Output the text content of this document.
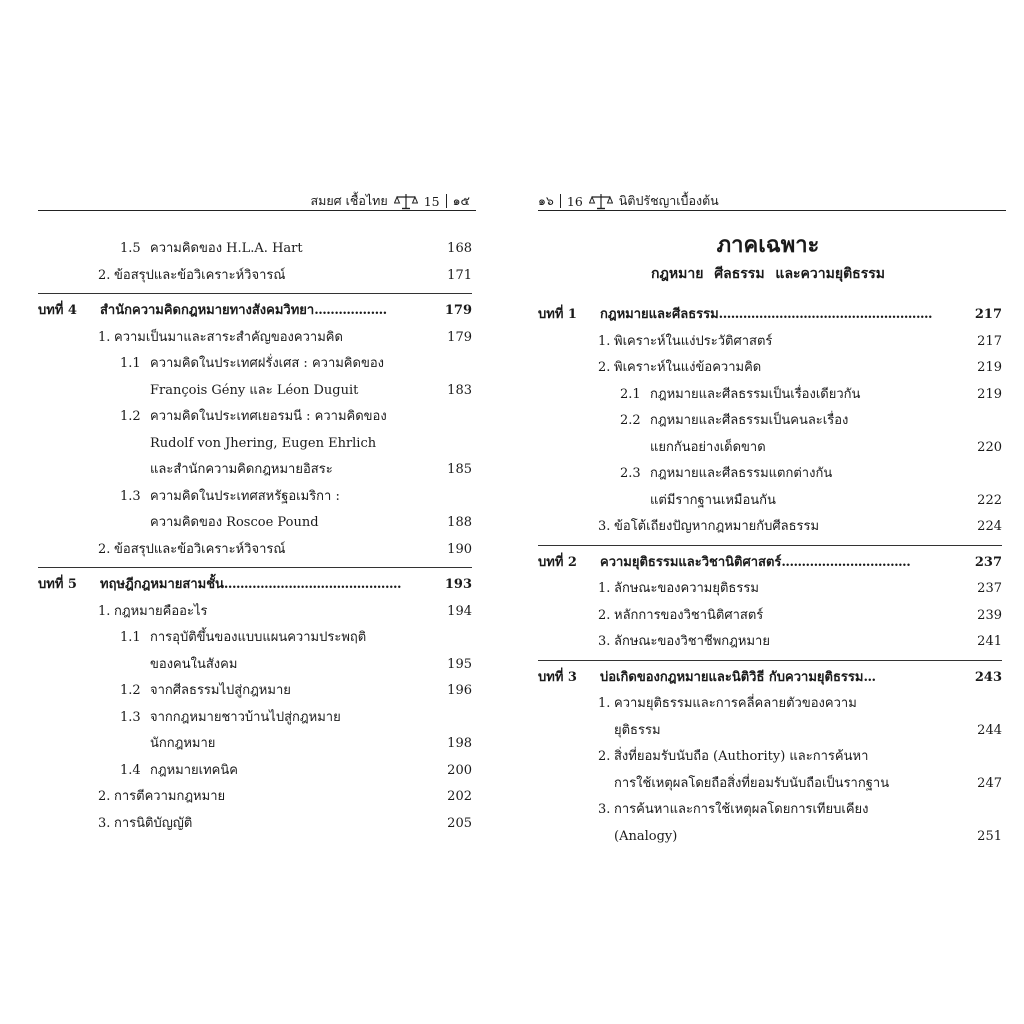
สมยศ เชื้อไทย	15 ๑๕
1.5 ความคิดของ H.L.A. Hart	168
2. ข้อสรุปและข้อวิเคราะห์วิจารณ์	171
บทที่ 4 สำนักความคิดกฎหมายทางสังคมวิทยา..................	179
1. ความเป็นมาและสาระสำคัญของความคิด	179
1.1 ความคิดในประเทศฝรั่งเศส : ความคิดของ
François Gény และ Léon Duguit	183
1.2 ความคิดในประเทศเยอรมนี : ความคิดของ
Rudolf von Jhering, Eugen Ehrlich
และสำนักความคิดกฎหมายอิสระ	185
1.3 ความคิดในประเทศสหรัฐอเมริกา :
ความคิดของ Roscoe Pound	188
2. ข้อสรุปและข้อวิเคราะห์วิจารณ์	190
บทที่ 5 ทฤษฎีกฎหมายสามชั้น............................................	193
1. กฎหมายคืออะไร	194
1.1 การอุบัติขึ้นของแบบแผนความประพฤติ
ของคนในสังคม	195
1.2 จากศีลธรรมไปสู่กฎหมาย	196
1.3 จากกฎหมายชาวบ้านไปสู่กฎหมาย
นักกฎหมาย	198
1.4 กฎหมายเทคนิค	200
2. การตีความกฎหมาย	202
3. การนิติบัญญัติ	205
๑๖ 16	นิติปรัชญาเบื้องต้น
ภาคเฉพาะ
กฎหมาย ศีลธรรม และความยุติธรรม
บทที่ 1 กฎหมายและศีลธรรม.....................................................	217
1. พิเคราะห์ในแง่ประวัติศาสตร์	217
2. พิเคราะห์ในแง่ข้อความคิด	219
2.1 กฎหมายและศีลธรรมเป็นเรื่องเดียวกัน	219
2.2 กฎหมายและศีลธรรมเป็นคนละเรื่อง
แยกกันอย่างเด็ดขาด	220
2.3 กฎหมายและศีลธรรมแตกต่างกัน
แต่มีรากฐานเหมือนกัน	222
3. ข้อโต้เถียงปัญหากฎหมายกับศีลธรรม	224
บทที่ 2 ความยุติธรรมและวิชานิติศาสตร์................................	237
1. ลักษณะของความยุติธรรม	237
2. หลักการของวิชานิติศาสตร์	239
3. ลักษณะของวิชาชีพกฎหมาย	241
บทที่ 3 บ่อเกิดของกฎหมายและนิติวิธี กับความยุติธรรม...	243
1. ความยุติธรรมและการคลี่คลายตัวของความ
ยุติธรรม	244
2. สิ่งที่ยอมรับนับถือ (Authority) และการค้นหา
การใช้เหตุผลโดยถือสิ่งที่ยอมรับนับถือเป็นรากฐาน	247
3. การค้นหาและการใช้เหตุผลโดยการเทียบเคียง
(Analogy)	251
